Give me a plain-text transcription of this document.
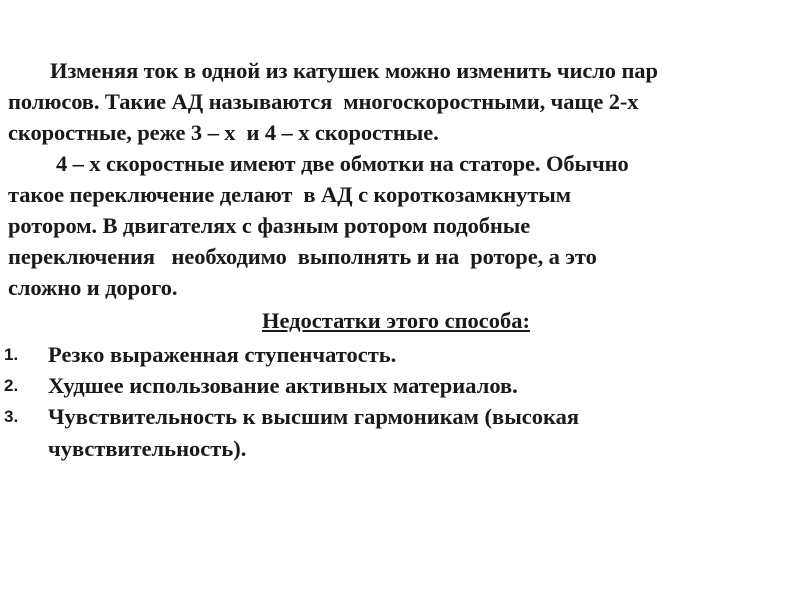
Изменяя ток в одной из катушек можно изменить число пар
полюсов. Такие АД называются  многоскоростными, чаще 2-х
скоростные, реже 3 – х  и 4 – х скоростные.
4 – х скоростные имеют две обмотки на статоре. Обычно
такое переключение делают  в АД с короткозамкнутым
ротором. В двигателях с фазным ротором подобные
переключения   необходимо  выполнять и на  роторе, а это
сложно и дорого.
Недостатки этого способа:
1. Резко выраженная ступенчатость.
2. Худшее использование активных материалов.
3. Чувствительность к высшим гармоникам (высокая
чувствительность).
